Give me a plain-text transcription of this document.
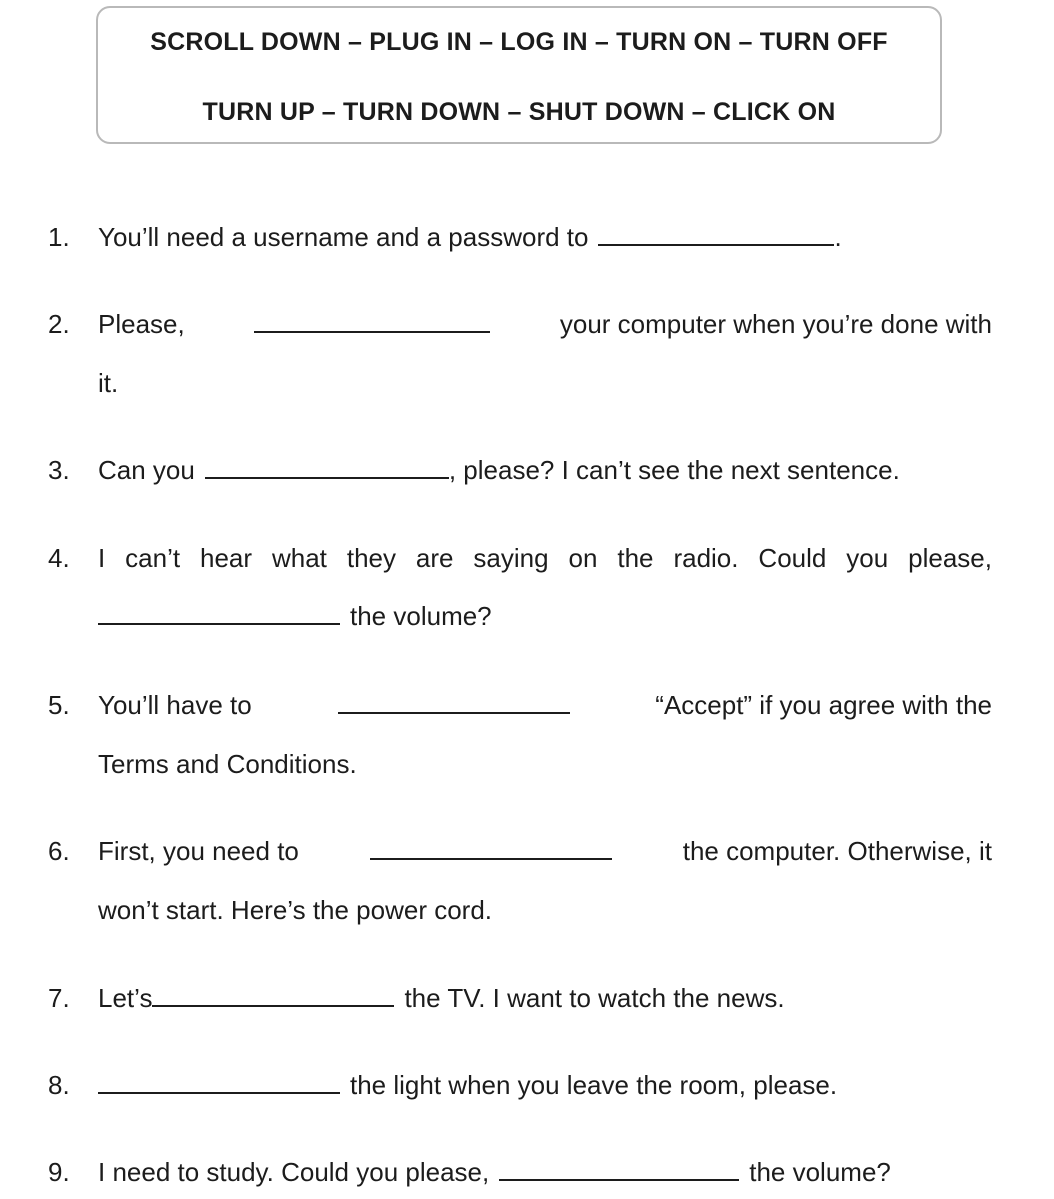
SCROLL DOWN – PLUG IN – LOG IN – TURN ON – TURN OFF
TURN UP – TURN DOWN – SHUT DOWN – CLICK ON
1. You’ll need a username and a password to	.
2. Please,	your computer when you’re done with
it.
3. Can you	, please? I can’t see the next sentence.
4. I can’t hear what they are saying on the radio. Could you please,
the volume?
5. You’ll have to	“Accept” if you agree with the
Terms and Conditions.
6. First, you need to	the computer. Otherwise, it
won’t start. Here’s the power cord.
7. Let’s	the TV. I want to watch the news.
8.	the light when you leave the room, please.
9. I need to study. Could you please,	the volume?
